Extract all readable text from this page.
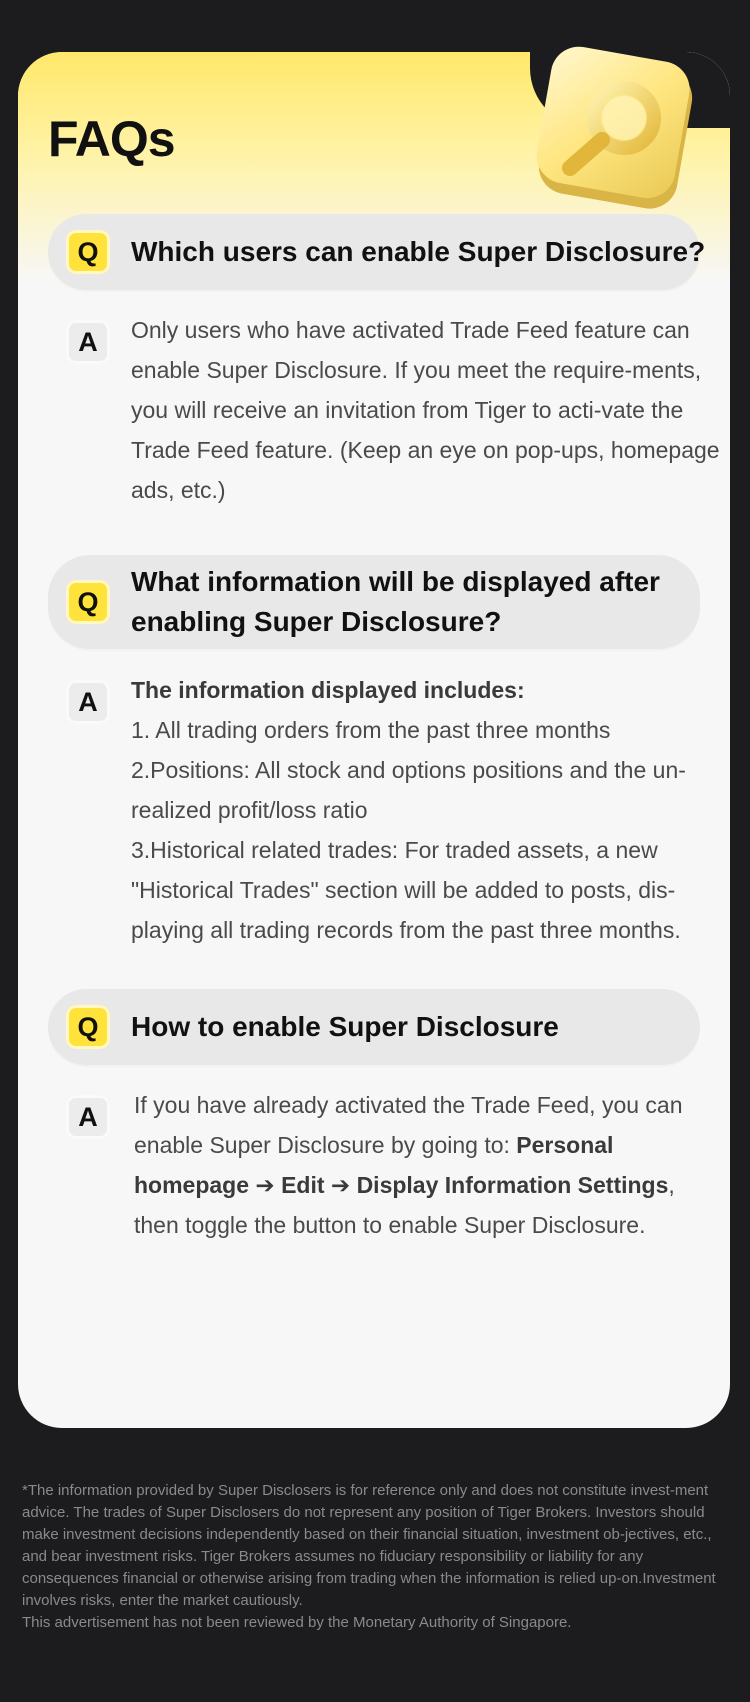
FAQs
Q	Which users can enable Super Disclosure?
A	Only users who have activated Trade Feed feature can enable Super Disclosure. If you meet the require-ments, you will receive an invitation from Tiger to acti-vate the Trade Feed feature. (Keep an eye on pop-ups, homepage ads, etc.)
Q
What information will be displayed after enabling Super Disclosure?
A	The information displayed includes:
1. All trading orders from the past three months
2.Positions: All stock and options positions and the un-realized profit/loss ratio
3.Historical related trades: For traded assets, a new "Historical Trades" section will be added to posts, dis-playing all trading records from the past three months.
Q	How to enable Super Disclosure
A	If you have already activated the Trade Feed, you can enable Super Disclosure by going to: Personal homepage ➔ Edit ➔ Display Information Settings, then toggle the button to enable Super Disclosure.
*The information provided by Super Disclosers is for reference only and does not constitute invest-ment advice. The trades of Super Disclosers do not represent any position of Tiger Brokers. Investors should make investment decisions independently based on their financial situation, investment ob-jectives, etc., and bear investment risks. Tiger Brokers assumes no fiduciary responsibility or liability for any consequences financial or otherwise arising from trading when the information is relied up-on.Investment involves risks, enter the market cautiously.
This advertisement has not been reviewed by the Monetary Authority of Singapore.
